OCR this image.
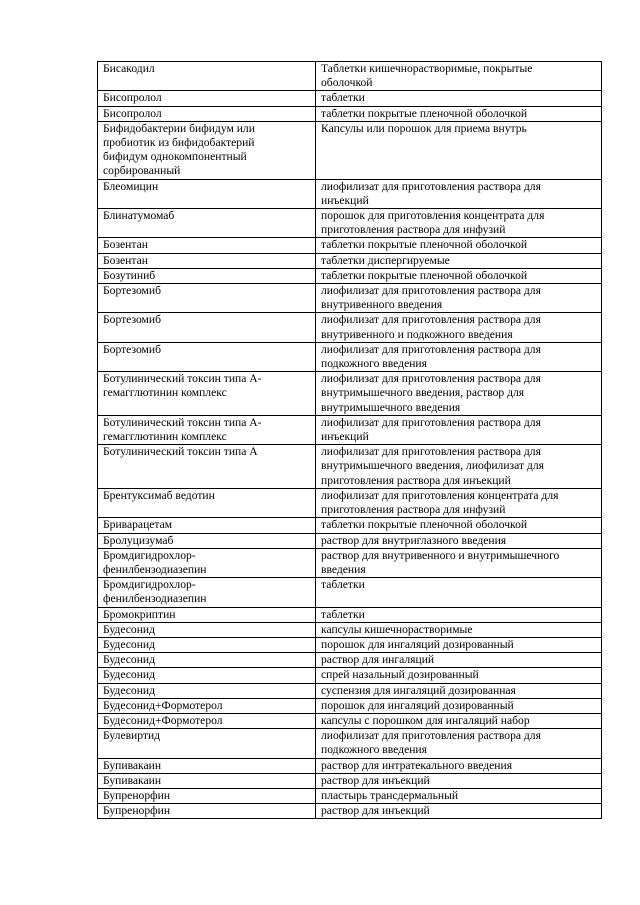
Бисакодил	Таблетки кишечнорастворимые, покрытые
оболочкой
Бисопролол	таблетки
Бисопролол	таблетки покрытые пленочной оболочкой
Бифидобактерии бифидум или
пробиотик из бифидобактерий
бифидум однокомпонентный
сорбированный	Капсулы или порошок для приема внутрь
Блеомицин	лиофилизат для приготовления раствора для
инъекций
Блинатумомаб	порошок для приготовления концентрата для
приготовления раствора для инфузий
Бозентан	таблетки покрытые пленочной оболочкой
Бозентан	таблетки диспергируемые
Бозутиниб	таблетки покрытые пленочной оболочкой
Бортезомиб	лиофилизат для приготовления раствора для
внутривенного введения
Бортезомиб	лиофилизат для приготовления раствора для
внутривенного и подкожного введения
Бортезомиб	лиофилизат для приготовления раствора для
подкожного введения
Ботулинический токсин типа A-
гемагглютинин комплекс	лиофилизат для приготовления раствора для
внутримышечного введения, раствор для
внутримышечного введения
Ботулинический токсин типа A-
гемагглютинин комплекс	лиофилизат для приготовления раствора для
инъекций
Ботулинический токсин типа A	лиофилизат для приготовления раствора для
внутримышечного введения, лиофилизат для
приготовления раствора для инъекций
Брентуксимаб ведотин	лиофилизат для приготовления концентрата для
приготовления раствора для инфузий
Бриварацетам	таблетки покрытые пленочной оболочкой
Бролуцизумаб	раствор для внутриглазного введения
Бромдигидрохлор-
фенилбензодиазепин	раствор для внутривенного и внутримышечного
введения
Бромдигидрохлор-
фенилбензодиазепин	таблетки
Бромокриптин	таблетки
Будесонид	капсулы кишечнорастворимые
Будесонид	порошок для ингаляций дозированный
Будесонид	раствор для ингаляций
Будесонид	спрей назальный дозированный
Будесонид	суспензия для ингаляций дозированная
Будесонид+Формотерол	порошок для ингаляций дозированный
Будесонид+Формотерол	капсулы с порошком для ингаляций набор
Булевиртид	лиофилизат для приготовления раствора для
подкожного введения
Бупивакаин	раствор для интратекального введения
Бупивакаин	раствор для инъекций
Бупренорфин	пластырь трансдермальный
Бупренорфин	раствор для инъекций
